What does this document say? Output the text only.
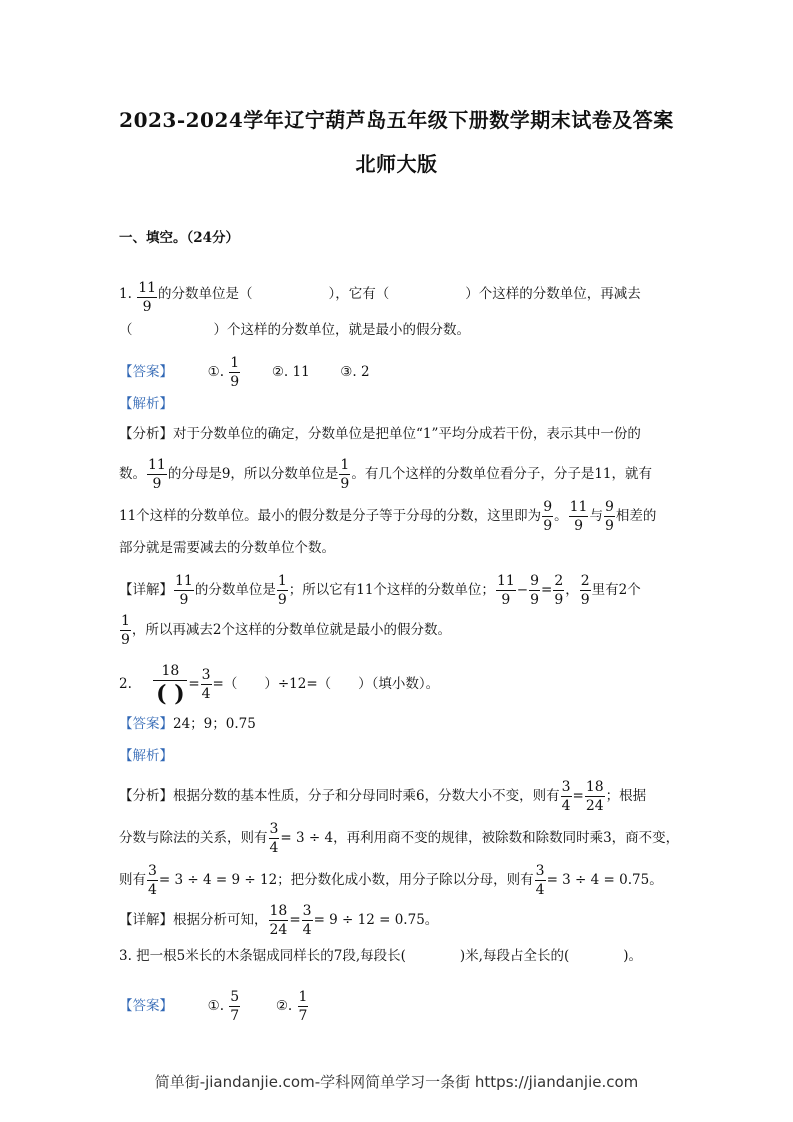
2023-2024学年辽宁葫芦岛五年级下册数学期末试卷及答案
北师大版
一、填空。（24分）
1. $\frac{11}{9}$ 的分数单位是（	），它有（	）个这样的分数单位，再减去
（　　　　　　）个这样的分数单位，就是最小的假分数。
【答案】	①. $\frac{1}{9}$ ②. 11 ③. 2
【解析】
【分析】对于分数单位的确定，分数单位是把单位“1”平均分成若干份，表示其中一份的
数。 $\frac{11}{9}$ 的分母是9，所以分数单位是 $\frac{1}{9}$ 。有几个这样的分数单位看分子，分子是11，就有
11个这样的分数单位。最小的假分数是分子等于分母的分数，这里即为 $\frac{9}{9}$ 。 $\frac{11}{9}$ 与 $\frac{9}{9}$ 相差的
部分就是需要减去的分数单位个数。
【详解】 $\frac{11}{9}$ 的分数单位是 $\frac{1}{9}$ ；所以它有11个这样的分数单位； $\frac{11}{9} - \frac{9}{9} = \frac{2}{9}$ ， $\frac{2}{9}$ 里有2个
$\frac{1}{9}$ ，所以再减去2个这样的分数单位就是最小的假分数。
2. $\frac{18}{( )} = \frac{3}{4}$ =（　　）÷12=（　　）（填小数）。
【答案】24；9；0.75
【解析】
【分析】根据分数的基本性质，分子和分母同时乘6，分数大小不变，则有 $\frac{3}{4} = \frac{18}{24}$ ；根据
分数与除法的关系，则有 $\frac{3}{4} = 3 \div 4$，再利用商不变的规律，被除数和除数同时乘3，商不变，
则有 $\frac{3}{4} = 3 \div 4 = 9 \div 12$；把分数化成小数，用分子除以分母，则有 $\frac{3}{4} = 3 \div 4 = 0.75$。
【详解】根据分析可知， $\frac{18}{24} = \frac{3}{4} = 9 \div 12 = 0.75$。
3. 把一根5米长的木条锯成同样长的7段,每段长(　　　　)米,每段占全长的(　　　　)。
【答案】	①. $\frac{5}{7}$	②. $\frac{1}{7}$
简单街-jiandanjie.com-学科网简单学习一条街 https://jiandanjie.com
